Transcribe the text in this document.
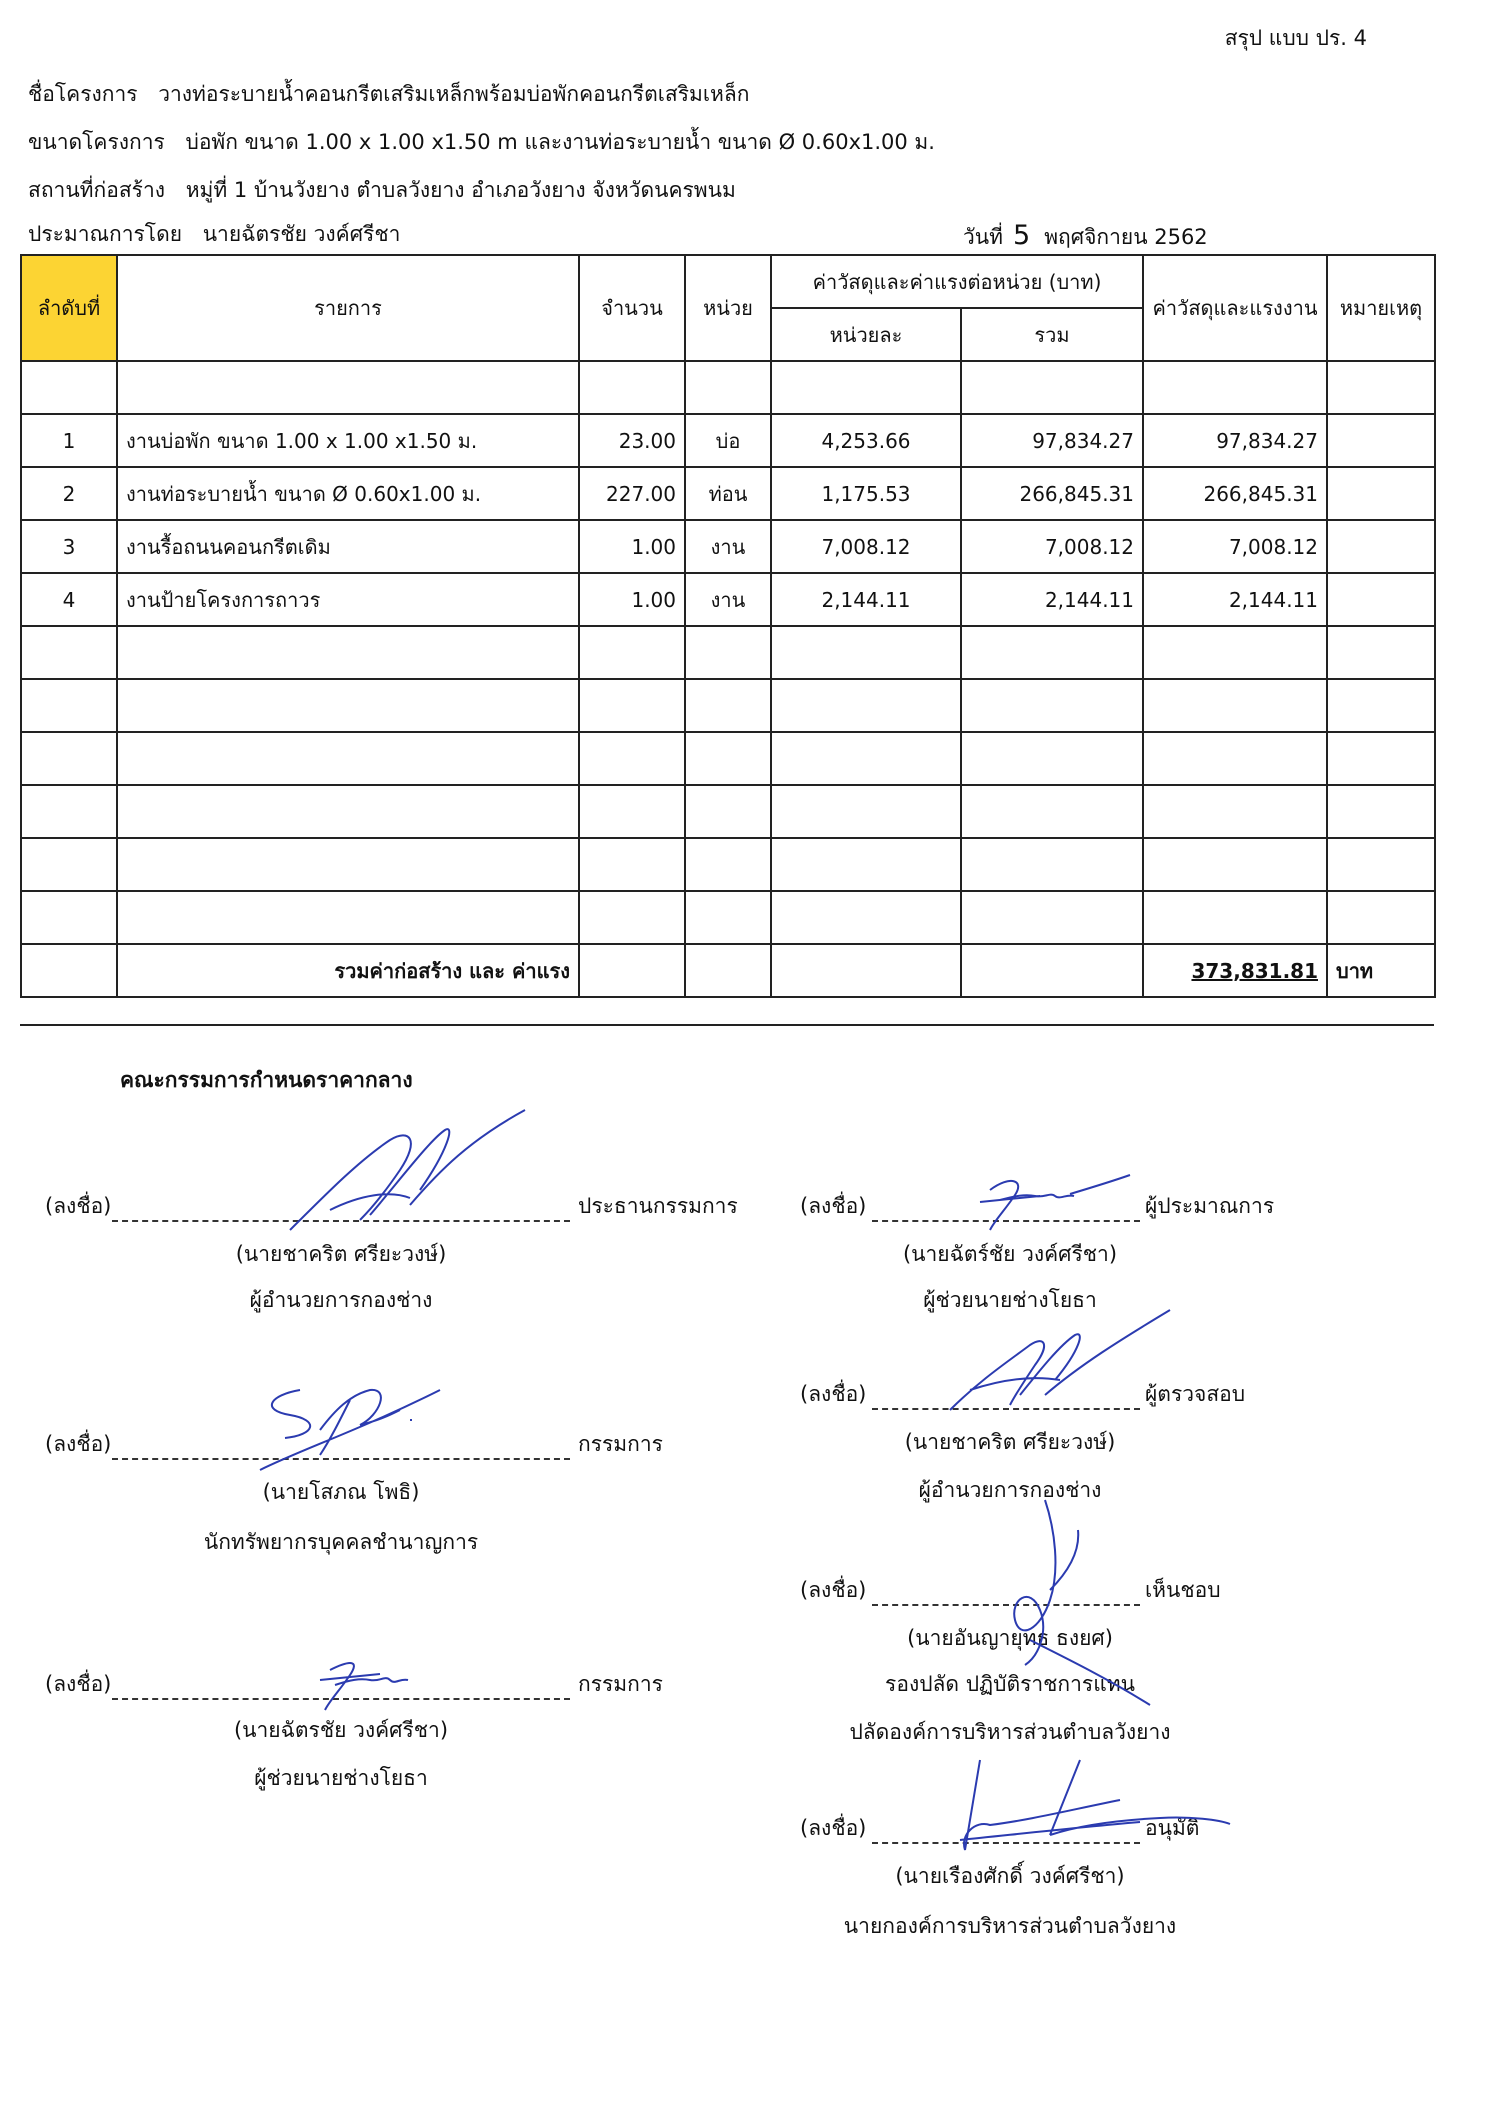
สรุป แบบ ปร. 4
ชื่อโครงการ วางท่อระบายน้ำคอนกรีตเสริมเหล็กพร้อมบ่อพักคอนกรีตเสริมเหล็ก
ขนาดโครงการ บ่อพัก ขนาด 1.00 x 1.00 x1.50 m และงานท่อระบายน้ำ ขนาด Ø 0.60x1.00 ม.
สถานที่ก่อสร้าง หมู่ที่ 1 บ้านวังยาง ตำบลวังยาง อำเภอวังยาง จังหวัดนครพนม
ประมาณการโดย นายฉัตรชัย วงค์ศรีชา	วันที่ 5 พฤศจิกายน 2562
ลำดับที่	รายการ	จำนวน	หน่วย	ค่าวัสดุและค่าแรงต่อหน่วย (บาท)		ค่าวัสดุและแรงงาน	หมายเหตุ
				หน่วยละ	รวม		

1	งานบ่อพัก ขนาด 1.00 x 1.00 x1.50 ม.	23.00	บ่อ	4,253.66	97,834.27	97,834.27	
2	งานท่อระบายน้ำ ขนาด Ø 0.60x1.00 ม.	227.00	ท่อน	1,175.53	266,845.31	266,845.31	
3	งานรื้อถนนคอนกรีตเดิม	1.00	งาน	7,008.12	7,008.12	7,008.12	
4	งานป้ายโครงการถาวร	1.00	งาน	2,144.11	2,144.11	2,144.11	

	รวมค่าก่อสร้าง และ ค่าแรง					373,831.81	บาท
คณะกรรมการกำหนดราคากลาง
(ลงชื่อ)	ประธานกรรมการ
(นายชาคริต ศรียะวงษ์)
ผู้อำนวยการกองช่าง
(ลงชื่อ)	กรรมการ
(นายโสภณ โพธิ)
นักทรัพยากรบุคคลชำนาญการ
(ลงชื่อ)	กรรมการ
(นายฉัตรชัย วงค์ศรีชา)
ผู้ช่วยนายช่างโยธา
(ลงชื่อ)	ผู้ประมาณการ
(นายฉัตร์ชัย วงค์ศรีชา)
ผู้ช่วยนายช่างโยธา
(ลงชื่อ)	ผู้ตรวจสอบ
(นายชาคริต ศรียะวงษ์)
ผู้อำนวยการกองช่าง
(ลงชื่อ)	เห็นชอบ
(นายอันญายุทธ ธงยศ)
รองปลัด ปฏิบัติราชการแทน
ปลัดองค์การบริหารส่วนตำบลวังยาง
(ลงชื่อ)	อนุมัติ
(นายเรืองศักดิ์ วงค์ศรีชา)
นายกองค์การบริหารส่วนตำบลวังยาง
